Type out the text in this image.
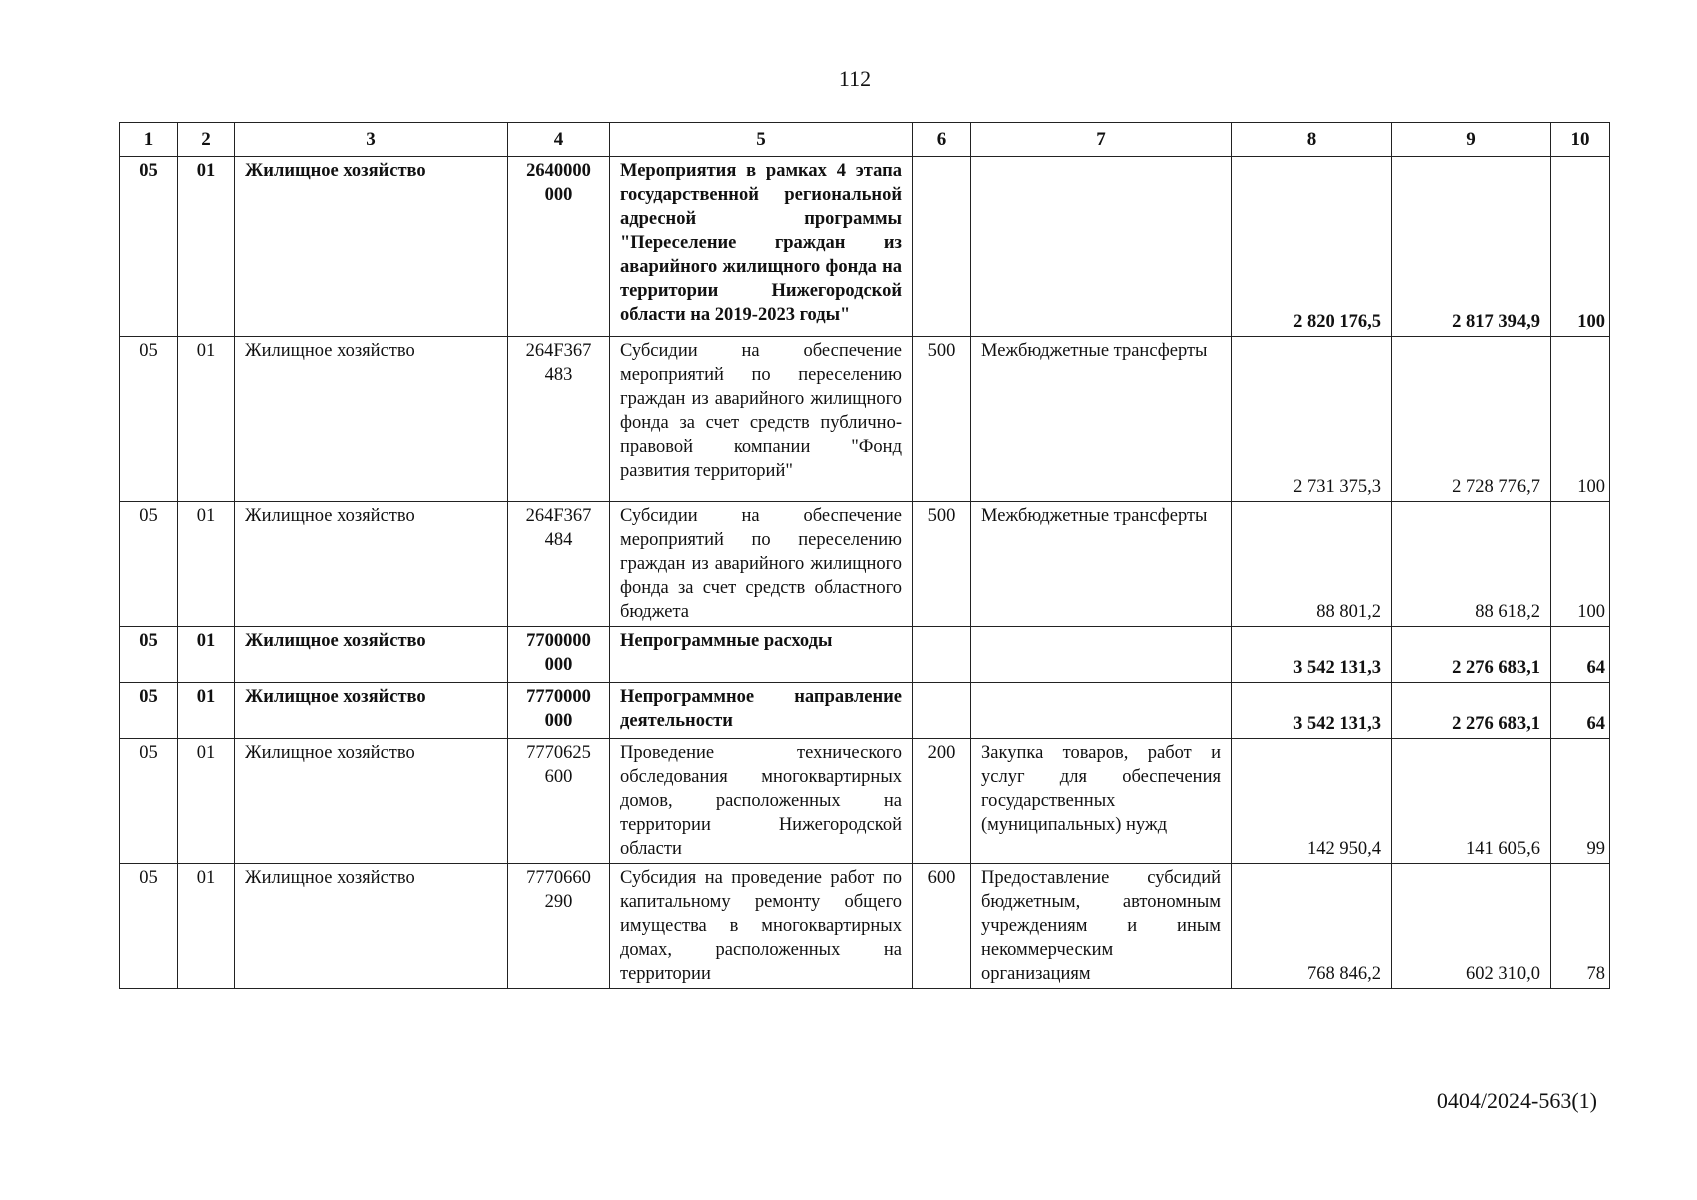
112
1	2	3	4	5	6	7	8	9	10
05	01	Жилищное хозяйство	2640000 000	Мероприятия в рамках 4 этапа государственной региональной адресной программы "Переселение граждан из аварийного жилищного фонда на территории Нижегородской области на 2019-2023 годы"			2 820 176,5	2 817 394,9	100
05	01	Жилищное хозяйство	264F367 483	Субсидии на обеспечение мероприятий по переселению граждан из аварийного жилищного фонда за счет средств публично-правовой компании "Фонд развития территорий"	500	Межбюджетные трансферты	2 731 375,3	2 728 776,7	100
05	01	Жилищное хозяйство	264F367 484	Субсидии на обеспечение мероприятий по переселению граждан из аварийного жилищного фонда за счет средств областного бюджета	500	Межбюджетные трансферты	88 801,2	88 618,2	100
05	01	Жилищное хозяйство	7700000 000	Непрограммные расходы			3 542 131,3	2 276 683,1	64
05	01	Жилищное хозяйство	7770000 000	Непрограммное направление деятельности			3 542 131,3	2 276 683,1	64
05	01	Жилищное хозяйство	7770625 600	Проведение технического обследования многоквартирных домов, расположенных на территории Нижегородской области	200	Закупка товаров, работ и услуг для обеспечения государственных (муниципальных) нужд	142 950,4	141 605,6	99
05	01	Жилищное хозяйство	7770660 290	Субсидия на проведение работ по капитальному ремонту общего имущества в многоквартирных домах, расположенных на территории	600	Предоставление субсидий бюджетным, автономным учреждениям и иным некоммерческим организациям	768 846,2	602 310,0	78
0404/2024-563(1)
